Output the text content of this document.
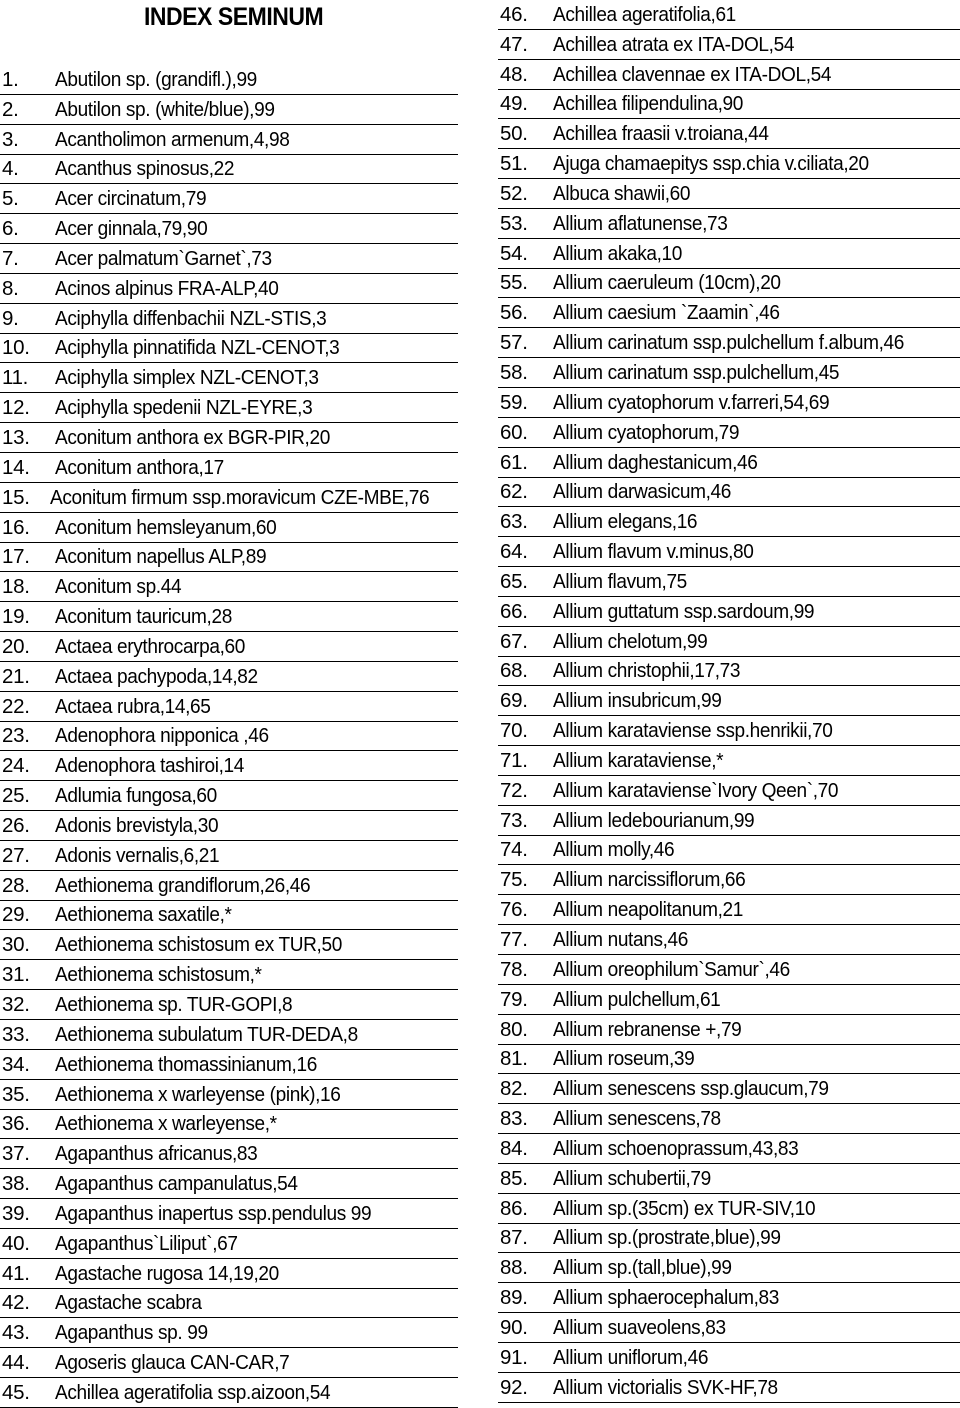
INDEX SEMINUM
1.	Abutilon sp. (grandifl.),99
2.	Abutilon sp. (white/blue),99
3.	Acantholimon armenum,4,98
4.	Acanthus spinosus,22
5.	Acer circinatum,79
6.	Acer ginnala,79,90
7.	Acer palmatum`Garnet`,73
8.	Acinos alpinus FRA-ALP,40
9.	Aciphylla diffenbachii NZL-STIS,3
10.	Aciphylla pinnatifida NZL-CENOT,3
11.	Aciphylla simplex NZL-CENOT,3
12.	Aciphylla spedenii NZL-EYRE,3
13.	Aconitum anthora ex BGR-PIR,20
14.	Aconitum anthora,17
15.	Aconitum firmum ssp.moravicum CZE-MBE,76
16.	Aconitum hemsleyanum,60
17.	Aconitum napellus ALP,89
18.	Aconitum sp.44
19.	Aconitum tauricum,28
20.	Actaea erythrocarpa,60
21.	Actaea pachypoda,14,82
22.	Actaea rubra,14,65
23.	Adenophora nipponica ,46
24.	Adenophora tashiroi,14
25.	Adlumia fungosa,60
26.	Adonis brevistyla,30
27.	Adonis vernalis,6,21
28.	Aethionema grandiflorum,26,46
29.	Aethionema saxatile,*
30.	Aethionema schistosum ex TUR,50
31.	Aethionema schistosum,*
32.	Aethionema sp. TUR-GOPI,8
33.	Aethionema subulatum TUR-DEDA,8
34.	Aethionema thomassinianum,16
35.	Aethionema x warleyense (pink),16
36.	Aethionema x warleyense,*
37.	Agapanthus africanus,83
38.	Agapanthus campanulatus,54
39.	Agapanthus inapertus ssp.pendulus 99
40.	Agapanthus`Liliput`,67
41.	Agastache rugosa 14,19,20
42.	Agastache scabra
43.	Agapanthus sp. 99
44.	Agoseris glauca CAN-CAR,7
45.	Achillea ageratifolia ssp.aizoon,54
46.	Achillea ageratifolia,61
47.	Achillea atrata ex ITA-DOL,54
48.	Achillea clavennae ex ITA-DOL,54
49.	Achillea filipendulina,90
50.	Achillea fraasii v.troiana,44
51.	Ajuga chamaepitys ssp.chia v.ciliata,20
52.	Albuca shawii,60
53.	Allium aflatunense,73
54.	Allium akaka,10
55.	Allium caeruleum (10cm),20
56.	Allium caesium `Zaamin`,46
57.	Allium carinatum ssp.pulchellum f.album,46
58.	Allium carinatum ssp.pulchellum,45
59.	Allium cyatophorum v.farreri,54,69
60.	Allium cyatophorum,79
61.	Allium daghestanicum,46
62.	Allium darwasicum,46
63.	Allium elegans,16
64.	Allium flavum v.minus,80
65.	Allium flavum,75
66.	Allium guttatum ssp.sardoum,99
67.	Allium chelotum,99
68.	Allium christophii,17,73
69.	Allium insubricum,99
70.	Allium karataviense ssp.henrikii,70
71.	Allium karataviense,*
72.	Allium karataviense`Ivory Qeen`,70
73.	Allium ledebourianum,99
74.	Allium molly,46
75.	Allium narcissiflorum,66
76.	Allium neapolitanum,21
77.	Allium nutans,46
78.	Allium oreophilum`Samur`,46
79.	Allium pulchellum,61
80.	Allium rebranense +,79
81.	Allium roseum,39
82.	Allium senescens ssp.glaucum,79
83.	Allium senescens,78
84.	Allium schoenoprassum,43,83
85.	Allium schubertii,79
86.	Allium sp.(35cm) ex TUR-SIV,10
87.	Allium sp.(prostrate,blue),99
88.	Allium sp.(tall,blue),99
89.	Allium sphaerocephalum,83
90.	Allium suaveolens,83
91.	Allium uniflorum,46
92.	Allium victorialis SVK-HF,78
